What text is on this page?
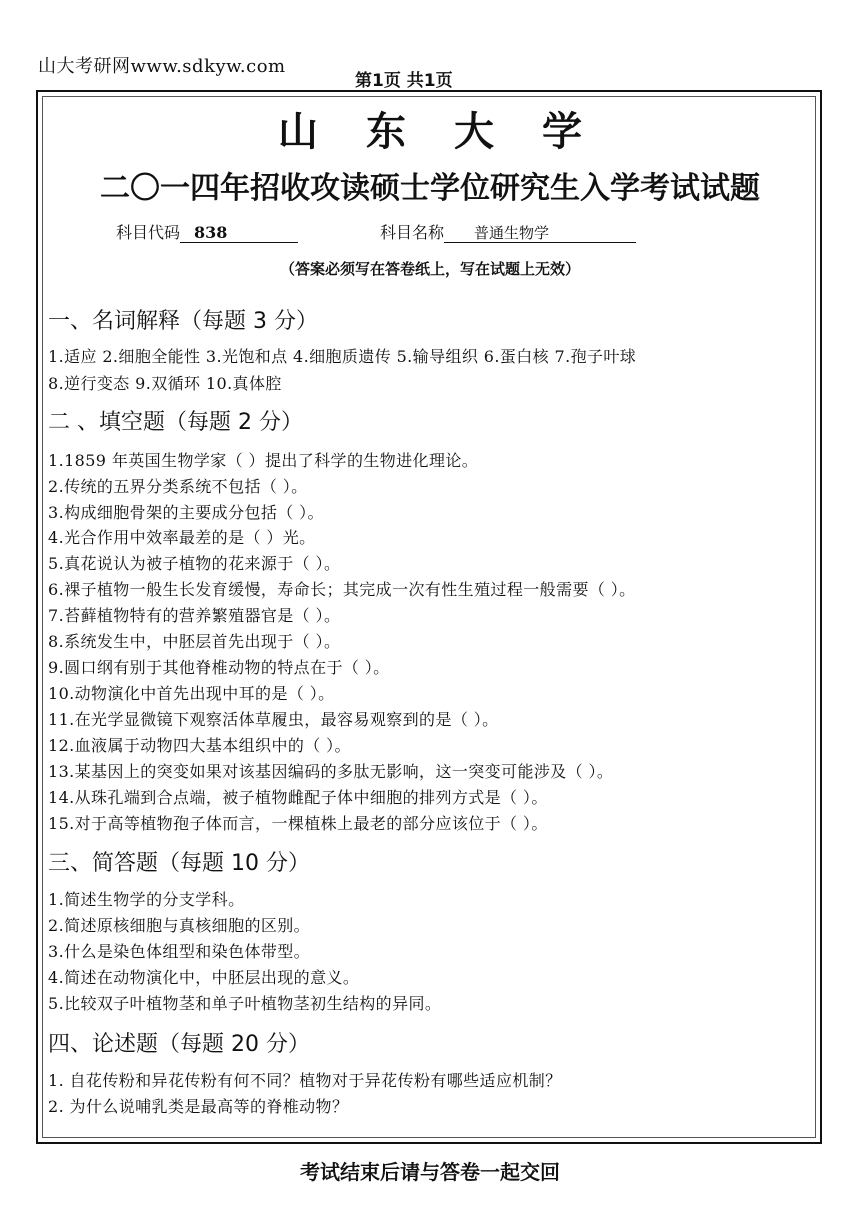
山大考研网www.sdkyw.com
第1页 共1页
山东大学
二〇一四年招收攻读硕士学位研究生入学考试试题
科目代码 838	科目名称 普通生物学
（答案必须写在答卷纸上，写在试题上无效）
一、名词解释（每题 3 分）
1.适应 2.细胞全能性 3.光饱和点 4.细胞质遗传 5.输导组织 6.蛋白核 7.孢子叶球
8.逆行变态 9.双循环 10.真体腔
二 、填空题（每题 2 分）
1.1859 年英国生物学家（ ）提出了科学的生物进化理论。
2.传统的五界分类系统不包括（ ）。
3.构成细胞骨架的主要成分包括（ ）。
4.光合作用中效率最差的是（ ）光。
5.真花说认为被子植物的花来源于（ ）。
6.裸子植物一般生长发育缓慢，寿命长；其完成一次有性生殖过程一般需要（ ）。
7.苔藓植物特有的营养繁殖器官是（ ）。
8.系统发生中，中胚层首先出现于（ ）。
9.圆口纲有别于其他脊椎动物的特点在于（ ）。
10.动物演化中首先出现中耳的是（ ）。
11.在光学显微镜下观察活体草履虫，最容易观察到的是（ ）。
12.血液属于动物四大基本组织中的（ ）。
13.某基因上的突变如果对该基因编码的多肽无影响，这一突变可能涉及（ ）。
14.从珠孔端到合点端，被子植物雌配子体中细胞的排列方式是（ ）。
15.对于高等植物孢子体而言，一棵植株上最老的部分应该位于（ ）。
三、简答题（每题 10 分）
1.简述生物学的分支学科。
2.简述原核细胞与真核细胞的区别。
3.什么是染色体组型和染色体带型。
4.简述在动物演化中，中胚层出现的意义。
5.比较双子叶植物茎和单子叶植物茎初生结构的异同。
四、论述题（每题 20 分）
1. 自花传粉和异花传粉有何不同？植物对于异花传粉有哪些适应机制？
2. 为什么说哺乳类是最高等的脊椎动物？
考试结束后请与答卷一起交回
